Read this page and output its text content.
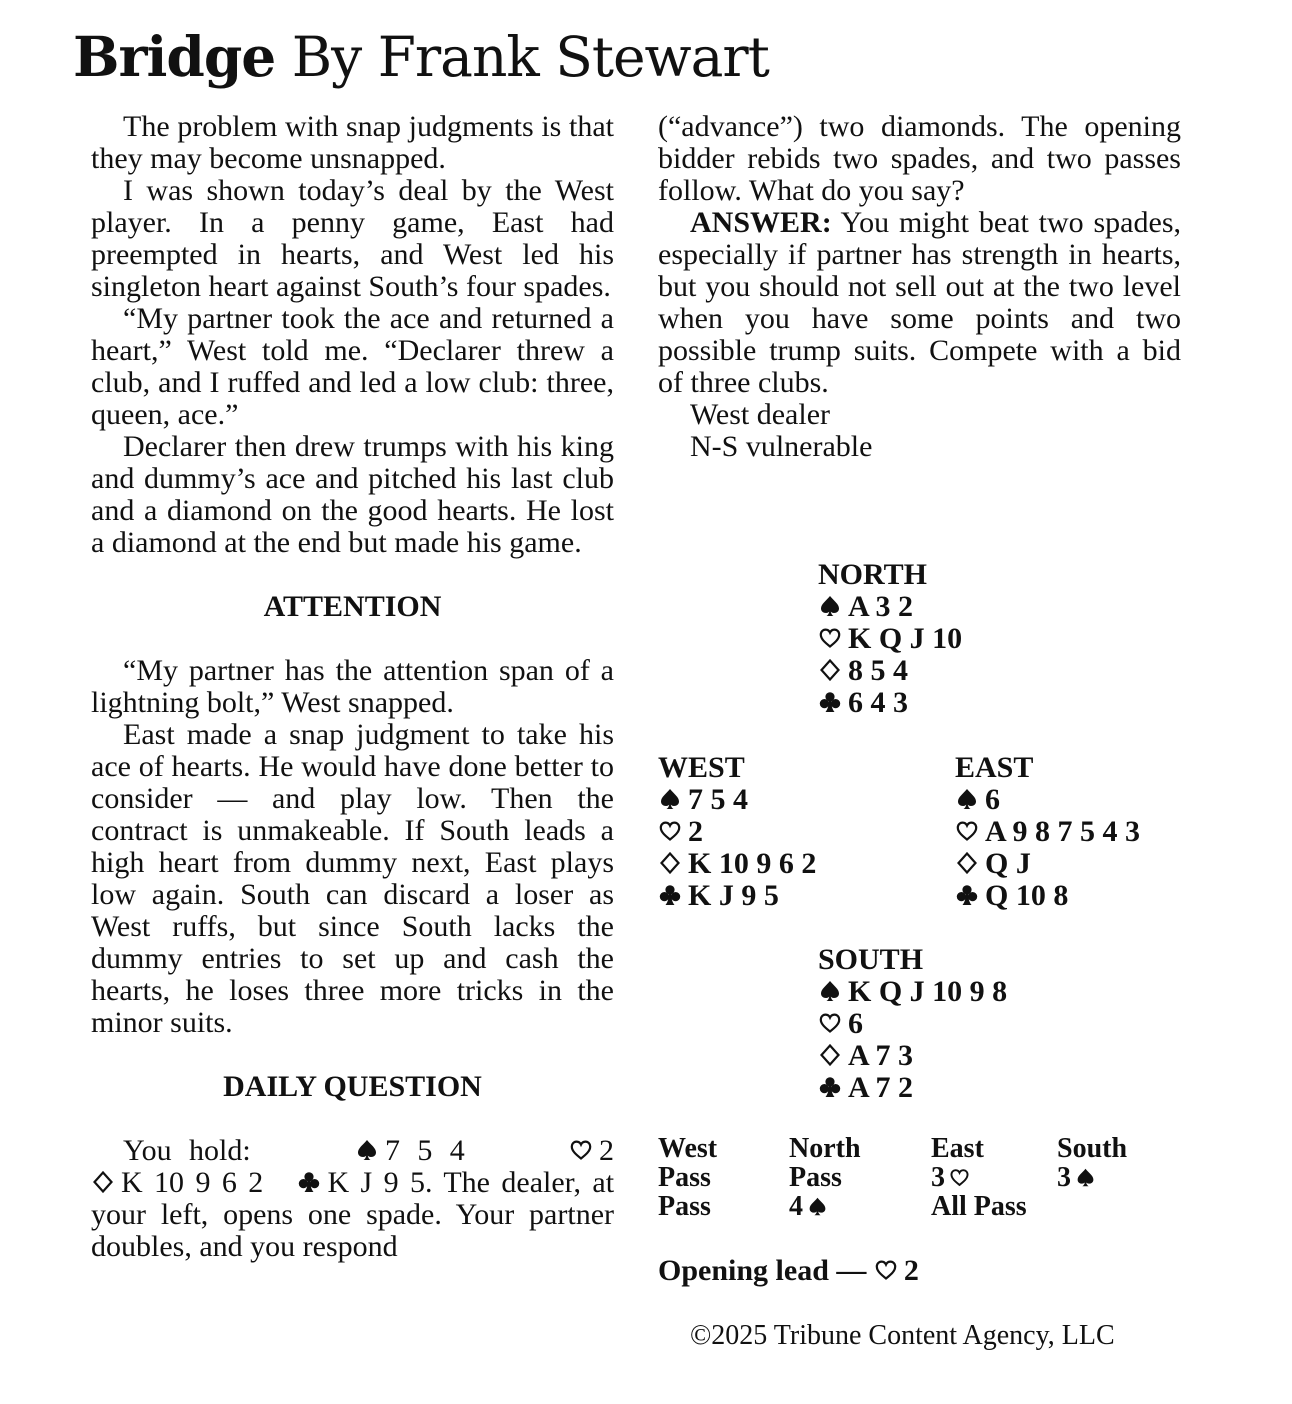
Bridge By Frank Stewart

The problem with snap judgments is that they may become unsnapped.

I was shown today’s deal by the West player. In a penny game, East had preempted in hearts, and West led his singleton heart against South’s four spades.

“My partner took the ace and returned a heart,” West told me. “Declarer threw a club, and I ruffed and led a low club: three, queen, ace.”

Declarer then drew trumps with his king and dummy’s ace and pitched his last club and a diamond on the good hearts. He lost a diamond at the end but made his game.

ATTENTION

“My partner has the attention span of a lightning bolt,” West snapped.

East made a snap judgment to take his ace of hearts. He would have done better to consider — and play low. Then the contract is unmakeable. If South leads a high heart from dummy next, East plays low again. South can discard a loser as West ruffs, but since South lacks the dummy entries to set up and cash the hearts, he loses three more tricks in the minor suits.

DAILY QUESTION

You hold:	7 5 4	2

K 10 9 6 2 K J 9 5. The dealer, at your left, opens one spade. Your partner doubles, and you respond

(“advance”) two diamonds. The opening bidder rebids two spades, and two passes follow. What do you say?

ANSWER: You might beat two spades, especially if partner has strength in hearts, but you should not sell out at the two level when you have some points and two possible trump suits. Compete with a bid of three clubs.

West dealer

N-S vulnerable

NORTH
A 3 2
K Q J 10
8 5 4
6 4 3
WEST
7 5 4
2
K 10 9 6 2
K J 9 5
EAST
6
A 9 8 7 5 4 3
Q J
Q 10 8
SOUTH
K Q J 10 9 8
6
A 7 3
A 7 2
West	North	East	South
Pass	Pass	3	3
Pass	4	All Pass
Opening lead — 2
©2025 Tribune Content Agency, LLC
